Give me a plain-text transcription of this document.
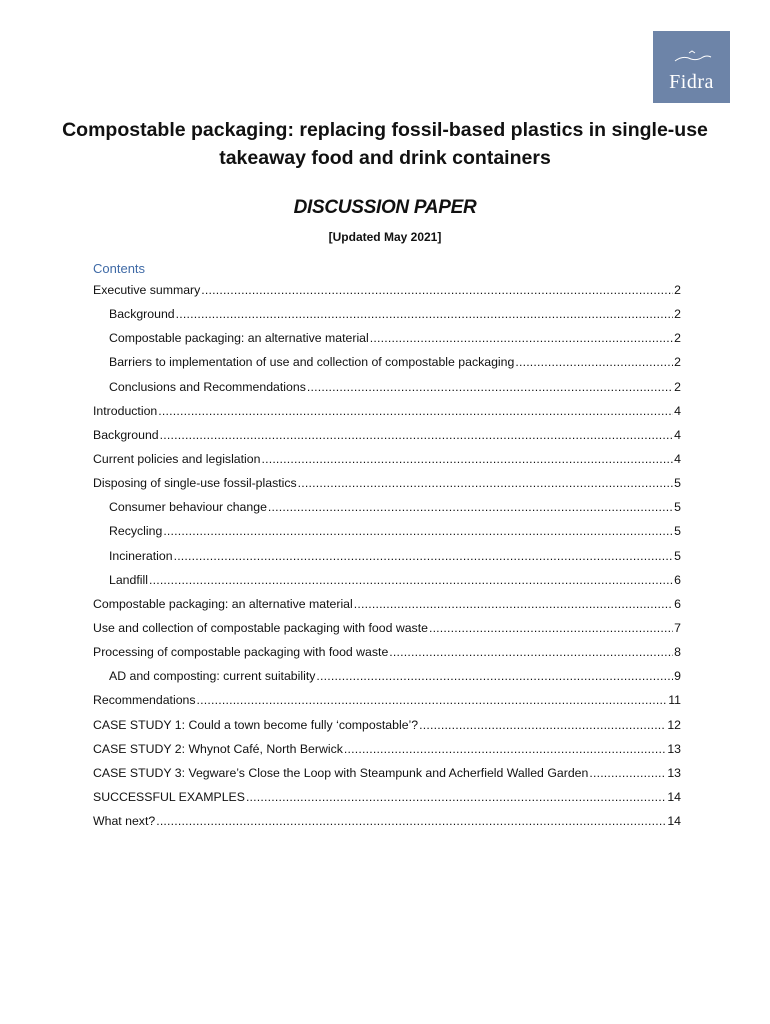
Fidra
Compostable packaging: replacing fossil-based plastics in single-use takeaway food and drink containers
DISCUSSION PAPER
[Updated May 2021]
Contents
Executive summary .....	2
Background .....	2
Compostable packaging: an alternative material .....	2
Barriers to implementation of use and collection of compostable packaging .....	2
Conclusions and Recommendations .....	2
Introduction .....	4
Background .....	4
Current policies and legislation .....	4
Disposing of single-use fossil-plastics .....	5
Consumer behaviour change .....	5
Recycling .....	5
Incineration .....	5
Landfill .....	6
Compostable packaging: an alternative material .....	6
Use and collection of compostable packaging with food waste .....	7
Processing of compostable packaging with food waste .....	8
AD and composting: current suitability .....	9
Recommendations .....	11
CASE STUDY 1: Could a town become fully ‘compostable’? .....	12
CASE STUDY 2: Whynot Café, North Berwick .....	13
CASE STUDY 3: Vegware’s Close the Loop with Steampunk and Acherfield Walled Garden .....	13
SUCCESSFUL EXAMPLES .....	14
What next? .....	14
